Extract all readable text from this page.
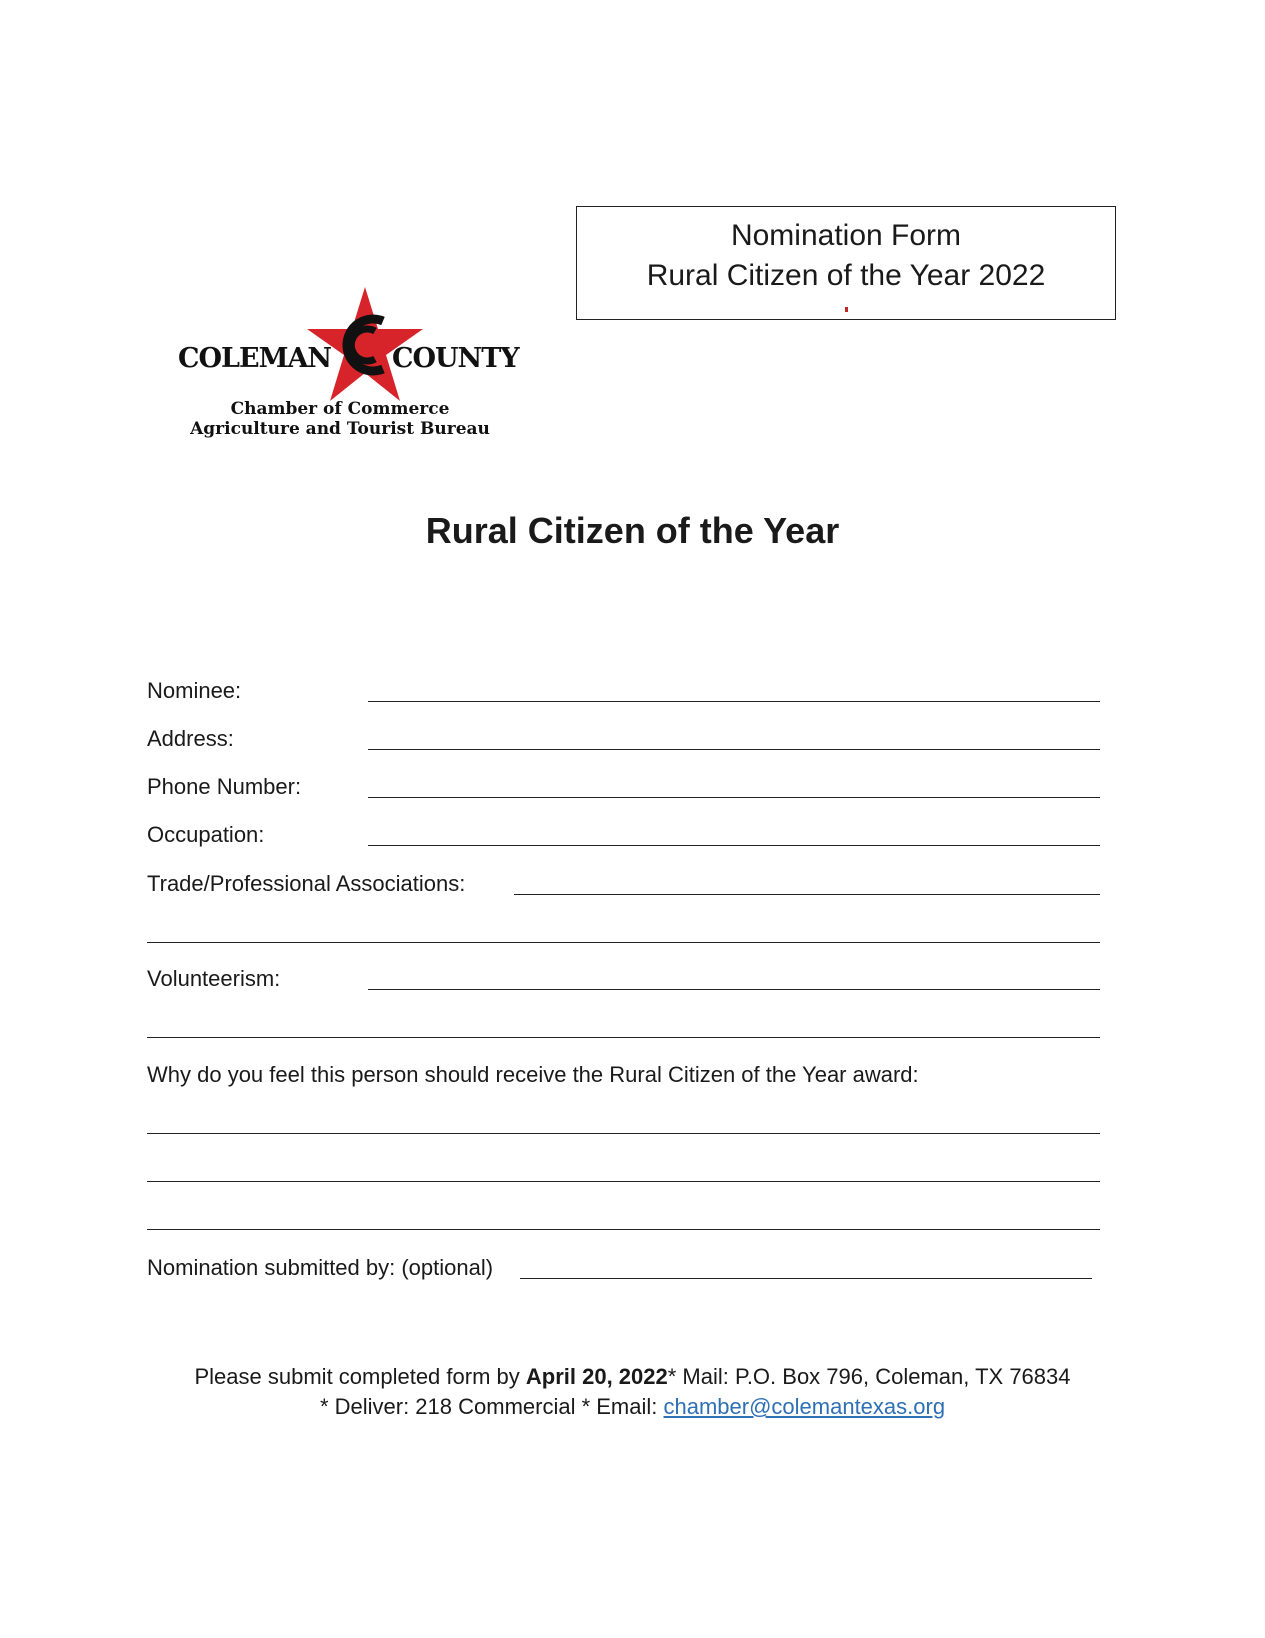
Nomination Form
Rural Citizen of the Year 2022
COLEMAN COUNTY
Chamber of Commerce
Agriculture and Tourist Bureau
Rural Citizen of the Year
Nominee:
Address:
Phone Number:
Occupation:
Trade/Professional Associations:
Volunteerism:
Why do you feel this person should receive the Rural Citizen of the Year award:
Nomination submitted by: (optional)
Please submit completed form by April 20, 2022* Mail: P.O. Box 796, Coleman, TX 76834
* Deliver: 218 Commercial * Email: chamber@colemantexas.org
